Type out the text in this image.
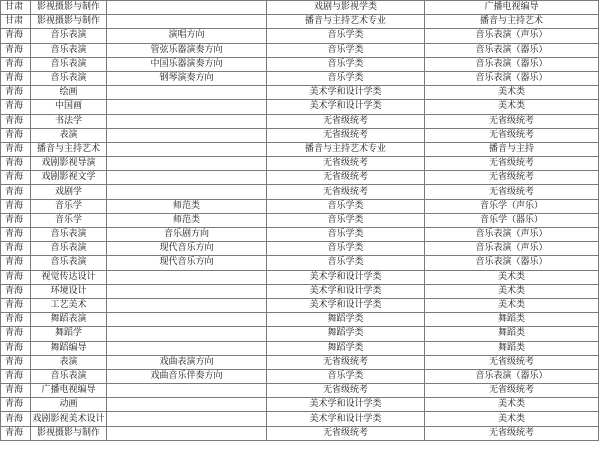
甘肃	影视摄影与制作		戏剧与影视学类	广播电视编导
甘肃	影视摄影与制作		播音与主持艺术专业	播音与主持艺术
青海	音乐表演	演唱方向	音乐学类	音乐表演（声乐）
青海	音乐表演	管弦乐器演奏方向	音乐学类	音乐表演（器乐）
青海	音乐表演	中国乐器演奏方向	音乐学类	音乐表演（器乐）
青海	音乐表演	钢琴演奏方向	音乐学类	音乐表演（器乐）
青海	绘画		美术学和设计学类	美术类
青海	中国画		美术学和设计学类	美术类
青海	书法学		无省级统考	无省级统考
青海	表演		无省级统考	无省级统考
青海	播音与主持艺术		播音与主持艺术专业	播音与主持
青海	戏剧影视导演		无省级统考	无省级统考
青海	戏剧影视文学		无省级统考	无省级统考
青海	戏剧学		无省级统考	无省级统考
青海	音乐学	师范类	音乐学类	音乐学（声乐）
青海	音乐学	师范类	音乐学类	音乐学（器乐）
青海	音乐表演	音乐剧方向	音乐学类	音乐表演（声乐）
青海	音乐表演	现代音乐方向	音乐学类	音乐表演（声乐）
青海	音乐表演	现代音乐方向	音乐学类	音乐表演（器乐）
青海	视觉传达设计		美术学和设计学类	美术类
青海	环境设计		美术学和设计学类	美术类
青海	工艺美术		美术学和设计学类	美术类
青海	舞蹈表演		舞蹈学类	舞蹈类
青海	舞蹈学		舞蹈学类	舞蹈类
青海	舞蹈编导		舞蹈学类	舞蹈类
青海	表演	戏曲表演方向	无省级统考	无省级统考
青海	音乐表演	戏曲音乐伴奏方向	音乐学类	音乐表演（器乐）
青海	广播电视编导		无省级统考	无省级统考
青海	动画		美术学和设计学类	美术类
青海	戏剧影视美术设计		美术学和设计学类	美术类
青海	影视摄影与制作		无省级统考	无省级统考
